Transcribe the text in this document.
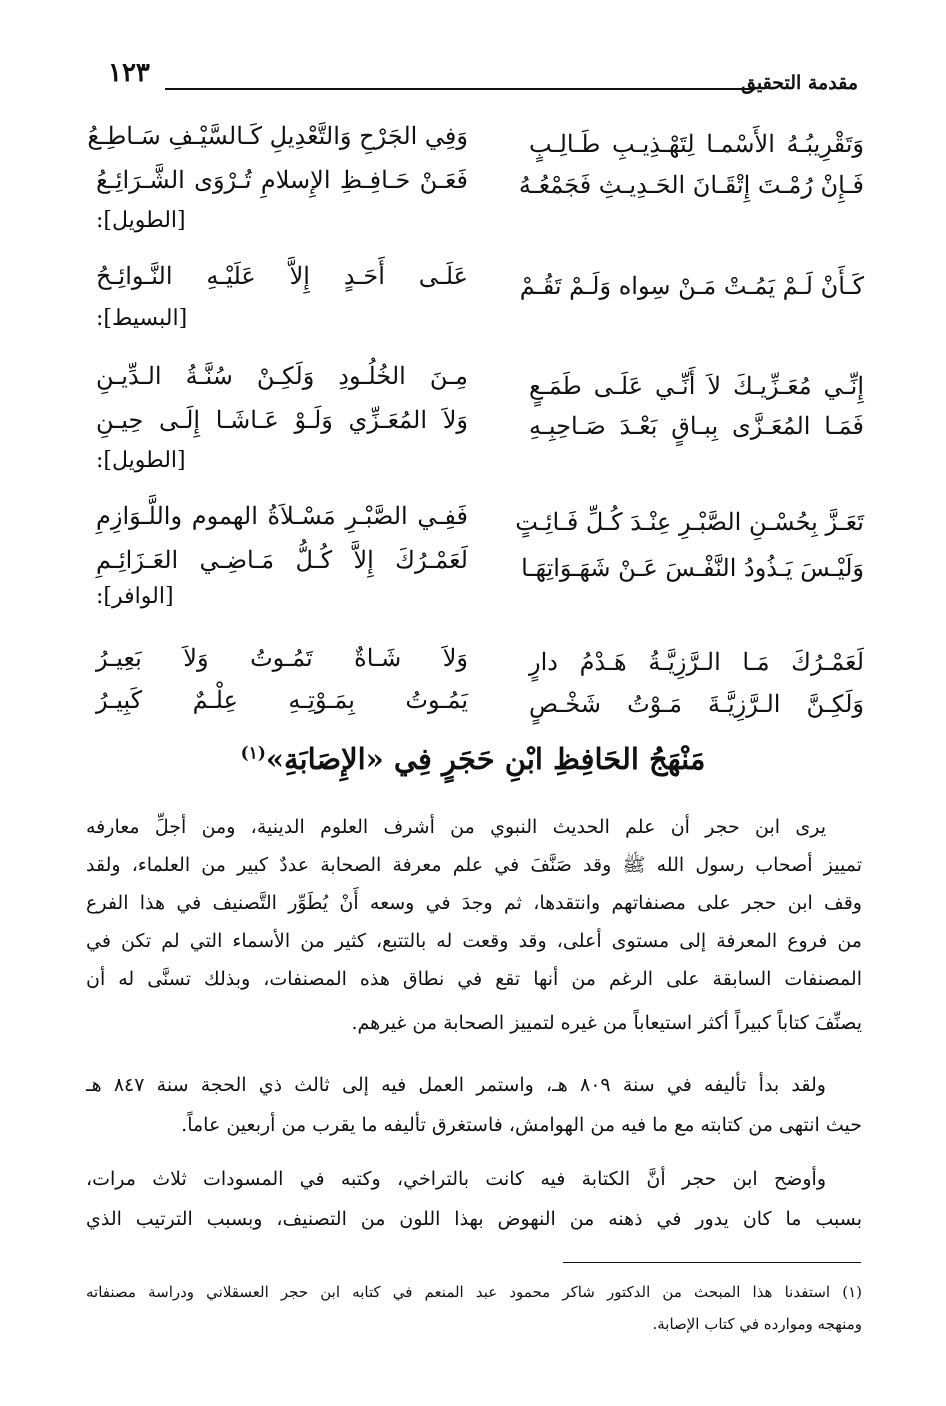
١٢٣	مقدمة التحقيق
وَتَقْرِيبُـهُ الأَسْمـا لِتَهْـذِيـبِ طَـالِـبٍ
وَفِي الجَرْحِ وَالتَّعْدِيلِ كَـالسَّيْـفِ سَـاطِـعُ
فَـإِنْ رُمْـتَ إِتْقَـانَ الحَـدِيـثِ فَجَمْعُـهُ
فَعَـنْ حَـافِـظِ الإِسلامِ تُـرْوَى الشَّـرَائِـعُ
[الطويل]:
كَـأَنْ لَـمْ يَمُـتْ مَـنْ سِواه وَلَـمْ تَقُـمْ
عَلَـى أَحَـدٍ إِلاَّ عَلَيْـهِ النَّـوائِـحُ
[البسيط]:
إِنِّـي مُعَـزِّيـكَ لاَ أَنِّـي عَلَـى طَمَـعٍ
مِـنَ الخُلُـودِ وَلَكِـنْ سُنَّـةُ الـدِّيـنِ
فَمَـا المُعَـزَّى بِبـاقٍ بَعْـدَ صَـاحِبِـهِ
وَلاَ المُعَـزِّي وَلَـوْ عَـاشَـا إِلَـى حِيـنِ
[الطويل]:
تَعَـزَّ بِحُسْـنِ الصَّبْـرِ عِنْـدَ كُـلِّ فَـائِـتٍ
فَفِـي الصَّبْـرِ مَسْـلاَةُ الهموم واللَّـوَازِمِ
وَلَيْـسَ يَـذُودُ النَّفْـسَ عَـنْ شَهَـوَاتِهَـا
لَعَمْـرُكَ إِلاَّ كُـلُّ مَـاضِـي العَـزَائِـمِ
[الوافر]:
لَعَمْـرُكَ مَـا الـرَّزِيَّـةُ هَـدْمُ دارٍ
وَلاَ شَـاةٌ تَمُـوتُ وَلاَ بَعِيـرُ
وَلَكِـنَّ الـرَّزِيَّـةَ مَـوْتُ شَخْـصٍ
يَمُـوتُ بِمَـوْتِـهِ عِلْـمٌ كَبِيـرُ
مَنْهَجُ الحَافِظِ ابْنِ حَجَرٍ فِي «الإِصَابَةِ»$^{(١)}$
يرى ابن حجر أن علم الحديث النبوي من أشرف العلوم الدينية، ومن أجلِّ معارفه
تمييز أصحاب رسول الله ﷺ وقد صَنَّفَ في علم معرفة الصحابة عددٌ كبير من العلماء، ولقد
وقف ابن حجر على مصنفاتهم وانتقدها، ثم وجدَ في وسعه أَنْ يُطَوِّر التَّصنيف في هذا الفرع
من فروع المعرفة إلى مستوى أعلى، وقد وقعت له بالتتبع، كثير من الأسماء التي لم تكن في
المصنفات السابقة على الرغم من أنها تقع في نطاق هذه المصنفات، وبذلك تسنَّى له أن
يصنِّفَ كتاباً كبيراً أكثر استيعاباً من غيره لتمييز الصحابة من غيرهم.
ولقد بدأ تأليفه في سنة ٨٠٩ هـ، واستمر العمل فيه إلى ثالث ذي الحجة سنة ٨٤٧ هـ
حيث انتهى من كتابته مع ما فيه من الهوامش، فاستغرق تأليفه ما يقرب من أربعين عاماً.
وأوضح ابن حجر أنَّ الكتابة فيه كانت بالتراخي، وكتبه في المسودات ثلاث مرات،
بسبب ما كان يدور في ذهنه من النهوض بهذا اللون من التصنيف، وبسبب الترتيب الذي
(١) استفدنا هذا المبحث من الدكتور شاكر محمود عبد المنعم في كتابه ابن حجر العسقلاني ودراسة مصنفاته
ومنهجه وموارده في كتاب الإصابة.
